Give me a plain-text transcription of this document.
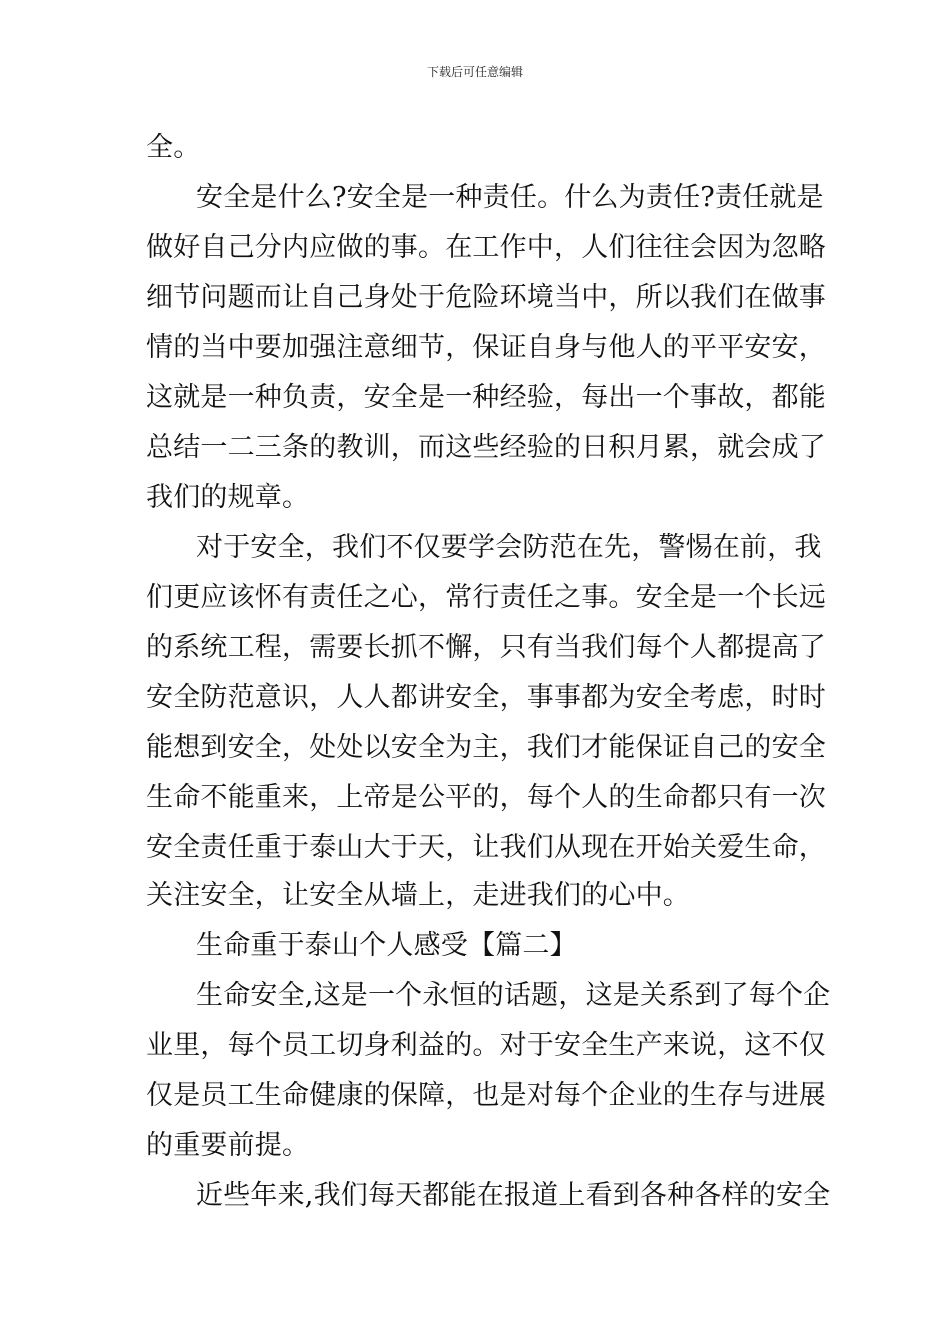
下载后可任意编辑
全。
安全是什么?安全是一种责任。什么为责任?责任就是
做好自己分内应做的事。在工作中，人们往往会因为忽略
细节问题而让自己身处于危险环境当中，所以我们在做事
情的当中要加强注意细节，保证自身与他人的平平安安，
这就是一种负责，安全是一种经验，每出一个事故，都能
总结一二三条的教训，而这些经验的日积月累，就会成了
我们的规章。
对于安全，我们不仅要学会防范在先，警惕在前，我
们更应该怀有责任之心，常行责任之事。安全是一个长远
的系统工程，需要长抓不懈，只有当我们每个人都提高了
安全防范意识，人人都讲安全，事事都为安全考虑，时时
能想到安全，处处以安全为主，我们才能保证自己的安全
生命不能重来，上帝是公平的，每个人的生命都只有一次
安全责任重于泰山大于天，让我们从现在开始关爱生命，
关注安全，让安全从墙上，走进我们的心中。
生命重于泰山个人感受【篇二】
生命安全,这是一个永恒的话题，这是关系到了每个企
业里，每个员工切身利益的。对于安全生产来说，这不仅
仅是员工生命健康的保障，也是对每个企业的生存与进展
的重要前提。
近些年来,我们每天都能在报道上看到各种各样的安全
